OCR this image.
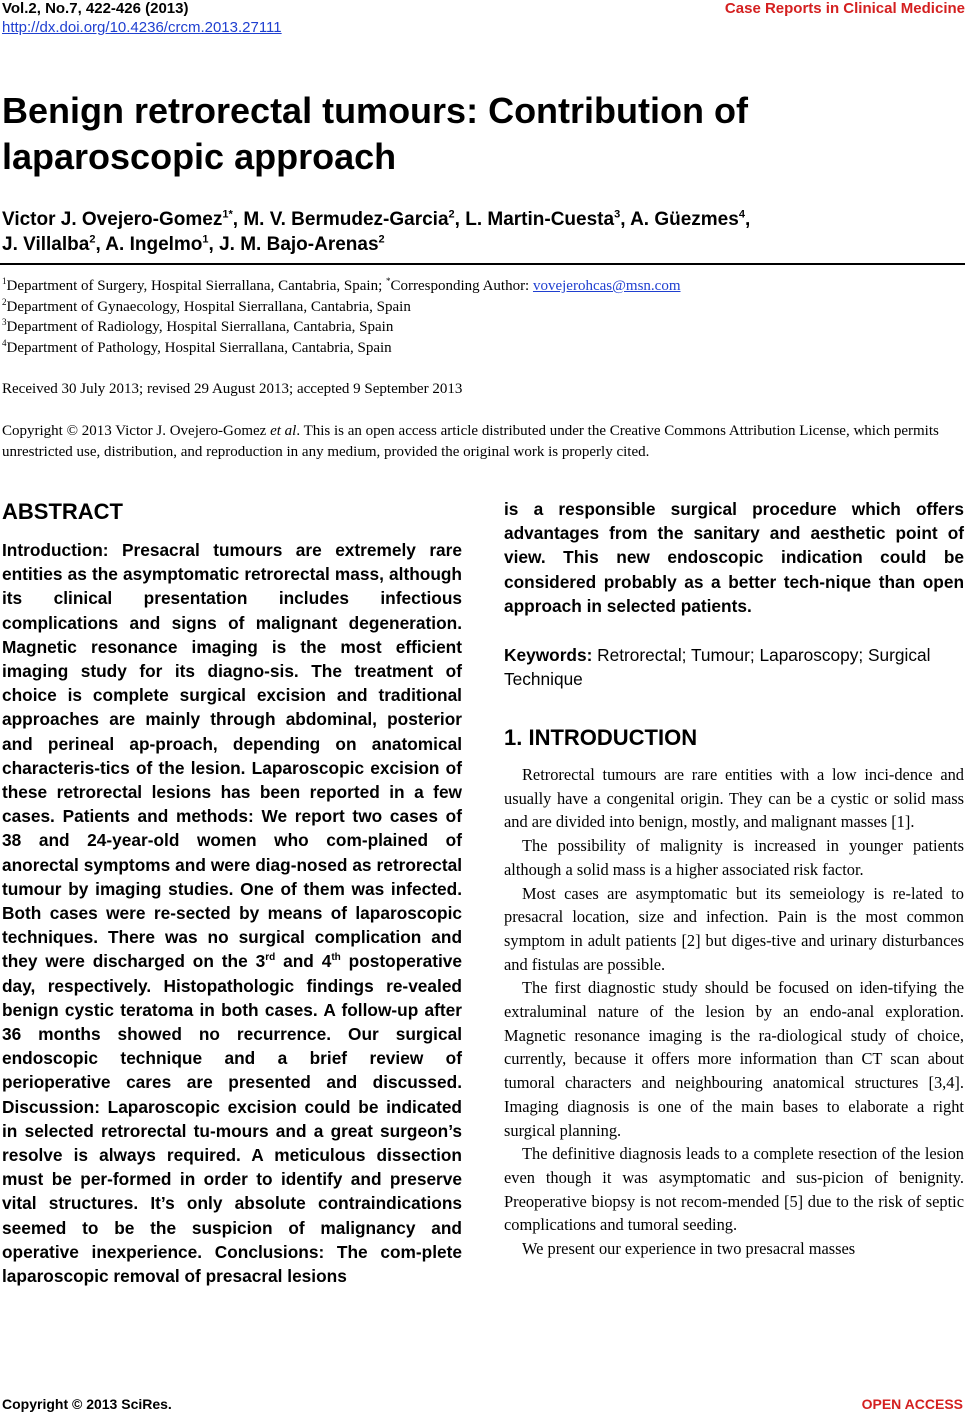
Vol.2, No.7, 422-426 (2013)
http://dx.doi.org/10.4236/crcm.2013.27111
Case Reports in Clinical Medicine
Benign retrorectal tumours: Contribution of laparoscopic approach
Victor J. Ovejero-Gomez$^{1*}$, M. V. Bermudez-Garcia$^2$, L. Martin-Cuesta$^3$, A. Güezmes$^4$,
J. Villalba$^2$, A. Ingelmo$^1$, J. M. Bajo-Arenas$^2$
$^1$Department of Surgery, Hospital Sierrallana, Cantabria, Spain; *Corresponding Author: vovejerohcas@msn.com
$^2$Department of Gynaecology, Hospital Sierrallana, Cantabria, Spain
$^3$Department of Radiology, Hospital Sierrallana, Cantabria, Spain
$^4$Department of Pathology, Hospital Sierrallana, Cantabria, Spain
Received 30 July 2013; revised 29 August 2013; accepted 9 September 2013
Copyright © 2013 Victor J. Ovejero-Gomez et al. This is an open access article distributed under the Creative Commons Attribution License, which permits unrestricted use, distribution, and reproduction in any medium, provided the original work is properly cited.
ABSTRACT

Introduction: Presacral tumours are extremely rare entities as the asymptomatic retrorectal mass, although its clinical presentation includes infectious complications and signs of malignant degeneration. Magnetic resonance imaging is the most efficient imaging study for its diagno-sis. The treatment of choice is complete surgical excision and traditional approaches are mainly through abdominal, posterior and perineal ap-proach, depending on anatomical characteris-tics of the lesion. Laparoscopic excision of these retrorectal lesions has been reported in a few cases. Patients and methods: We report two cases of 38 and 24-year-old women who com-plained of anorectal symptoms and were diag-nosed as retrorectal tumour by imaging studies. One of them was infected. Both cases were re-sected by means of laparoscopic techniques. There was no surgical complication and they were discharged on the 3rd and 4th postoperative day, respectively. Histopathologic findings re-vealed benign cystic teratoma in both cases. A follow-up after 36 months showed no recurrence. Our surgical endoscopic technique and a brief review of perioperative cares are presented and discussed. Discussion: Laparoscopic excision could be indicated in selected retrorectal tu-mours and a great surgeon’s resolve is always required. A meticulous dissection must be per-formed in order to identify and preserve vital structures. It’s only absolute contraindications seemed to be the suspicion of malignancy and operative inexperience. Conclusions: The com-plete laparoscopic removal of presacral lesions

is a responsible surgical procedure which offers advantages from the sanitary and aesthetic point of view. This new endoscopic indication could be considered probably as a better tech-nique than open approach in selected patients.

Keywords: Retrorectal; Tumour; Laparoscopy; Surgical Technique
1. INTRODUCTION

Retrorectal tumours are rare entities with a low inci-dence and usually have a congenital origin. They can be a cystic or solid mass and are divided into benign, mostly, and malignant masses [1].

The possibility of malignity is increased in younger patients although a solid mass is a higher associated risk factor.

Most cases are asymptomatic but its semeiology is re-lated to presacral location, size and infection. Pain is the most common symptom in adult patients [2] but diges-tive and urinary disturbances and fistulas are possible.

The first diagnostic study should be focused on iden-tifying the extraluminal nature of the lesion by an endo-anal exploration. Magnetic resonance imaging is the ra-diological study of choice, currently, because it offers more information than CT scan about tumoral characters and neighbouring anatomical structures [3,4]. Imaging diagnosis is one of the main bases to elaborate a right surgical planning.

The definitive diagnosis leads to a complete resection of the lesion even though it was asymptomatic and sus-picion of benignity. Preoperative biopsy is not recom-mended [5] due to the risk of septic complications and tumoral seeding.

We present our experience in two presacral masses

Copyright © 2013 SciRes.	OPEN ACCESS
